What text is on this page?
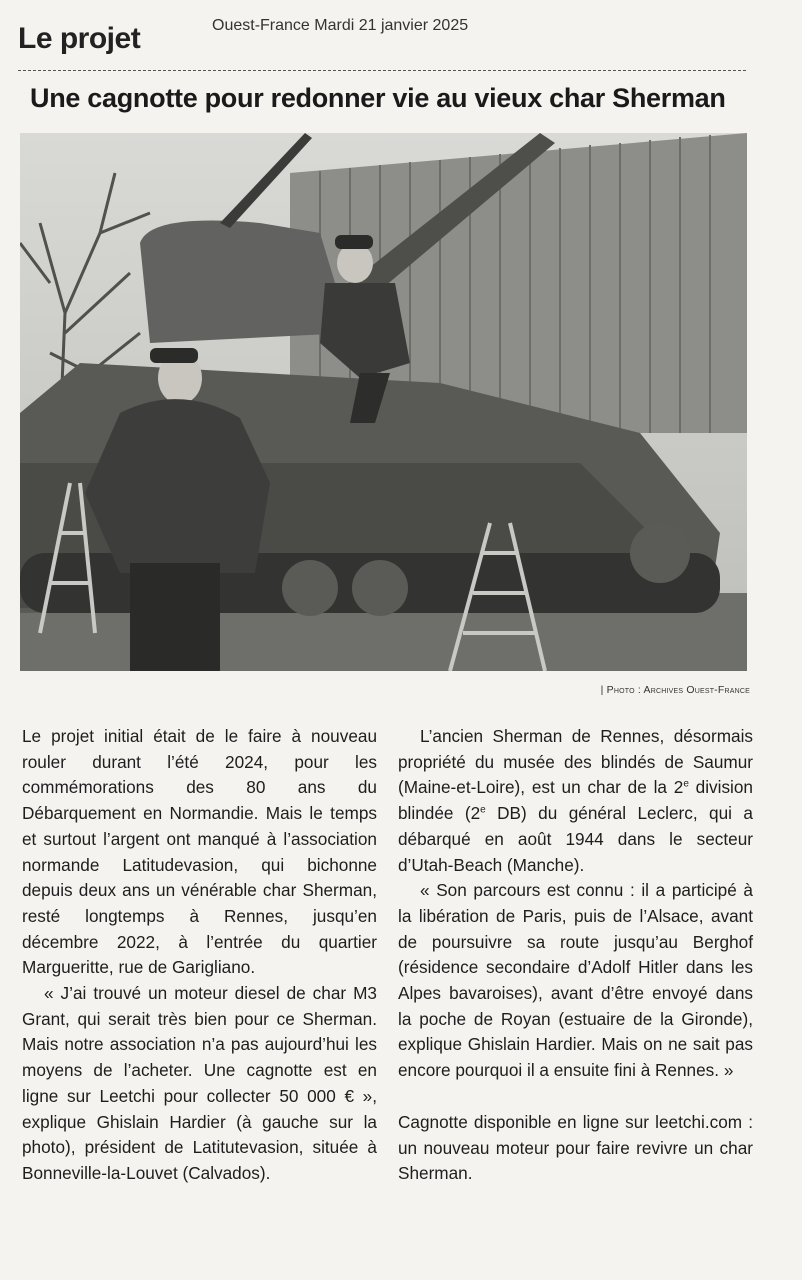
Le projet	Ouest-France Mardi 21 janvier 2025
Une cagnotte pour redonner vie au vieux char Sherman
| Photo : Archives Ouest-France

Le projet initial était de le faire à nouveau rouler durant l’été 2024, pour les commémorations des 80 ans du Débarquement en Normandie. Mais le temps et surtout l’argent ont manqué à l’association normande Latitudevasion, qui bichonne depuis deux ans un vénérable char Sherman, resté longtemps à Rennes, jusqu’en décembre 2022, à l’entrée du quartier Margueritte, rue de Garigliano.

« J’ai trouvé un moteur diesel de char M3 Grant, qui serait très bien pour ce Sherman. Mais notre association n’a pas aujourd’hui les moyens de l’acheter. Une cagnotte est en ligne sur Leetchi pour collecter 50 000 € », explique Ghislain Hardier (à gauche sur la photo), président de Latitutevasion, située à Bonneville-la-Louvet (Calvados).

L’ancien Sherman de Rennes, désormais propriété du musée des blindés de Saumur (Maine-et-Loire), est un char de la 2e division blindée (2e DB) du général Leclerc, qui a débarqué en août 1944 dans le secteur d’Utah-Beach (Manche).

« Son parcours est connu : il a participé à la libération de Paris, puis de l’Alsace, avant de poursuivre sa route jusqu’au Berghof (résidence secondaire d’Adolf Hitler dans les Alpes bavaroises), avant d’être envoyé dans la poche de Royan (estuaire de la Gironde), explique Ghislain Hardier. Mais on ne sait pas encore pourquoi il a ensuite fini à Rennes. »

Cagnotte disponible en ligne sur leetchi.com : un nouveau moteur pour faire revivre un char Sherman.
